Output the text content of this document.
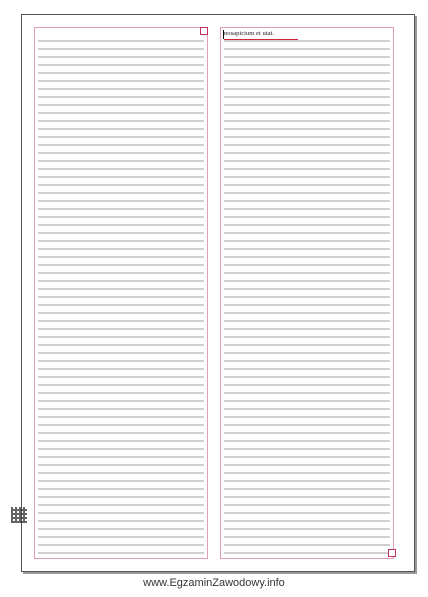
nosapicium et utat.
www.EgzaminZawodowy.info
